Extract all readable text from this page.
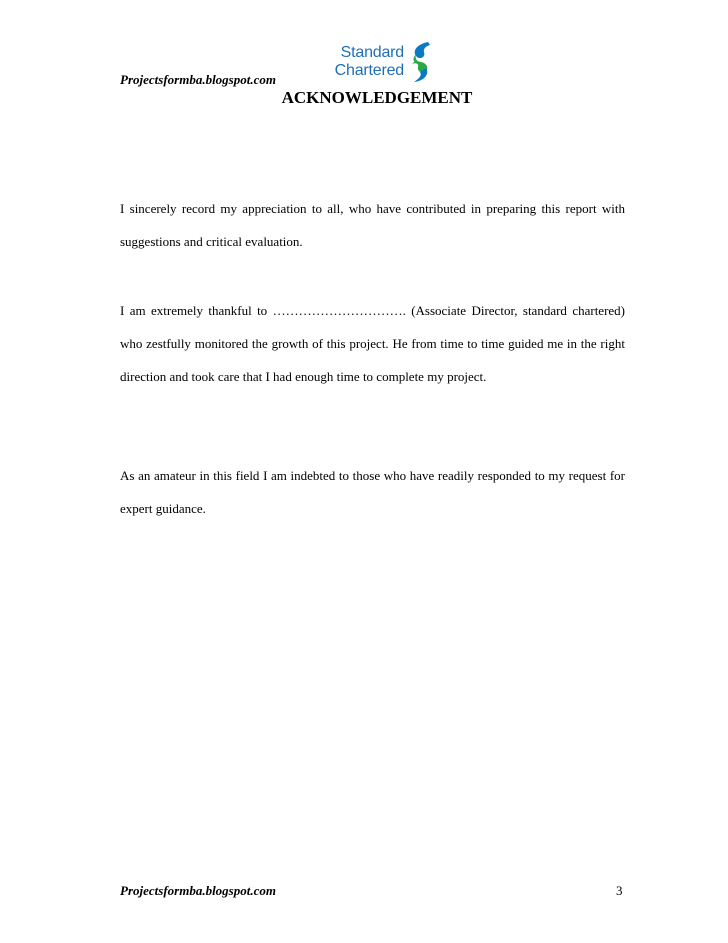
Projectsformba.blogspot.com
Standard
Chartered
ACKNOWLEDGEMENT

I sincerely record my appreciation to all, who have contributed in preparing this report with suggestions and critical evaluation.

I am extremely thankful to …………………………. (Associate Director, standard chartered) who zestfully monitored the growth of this project. He from time to time guided me in the right direction and took care that I had enough time to complete my project.

As an amateur in this field I am indebted to those who have readily responded to my request for expert guidance.

Projectsformba.blogspot.com	3
